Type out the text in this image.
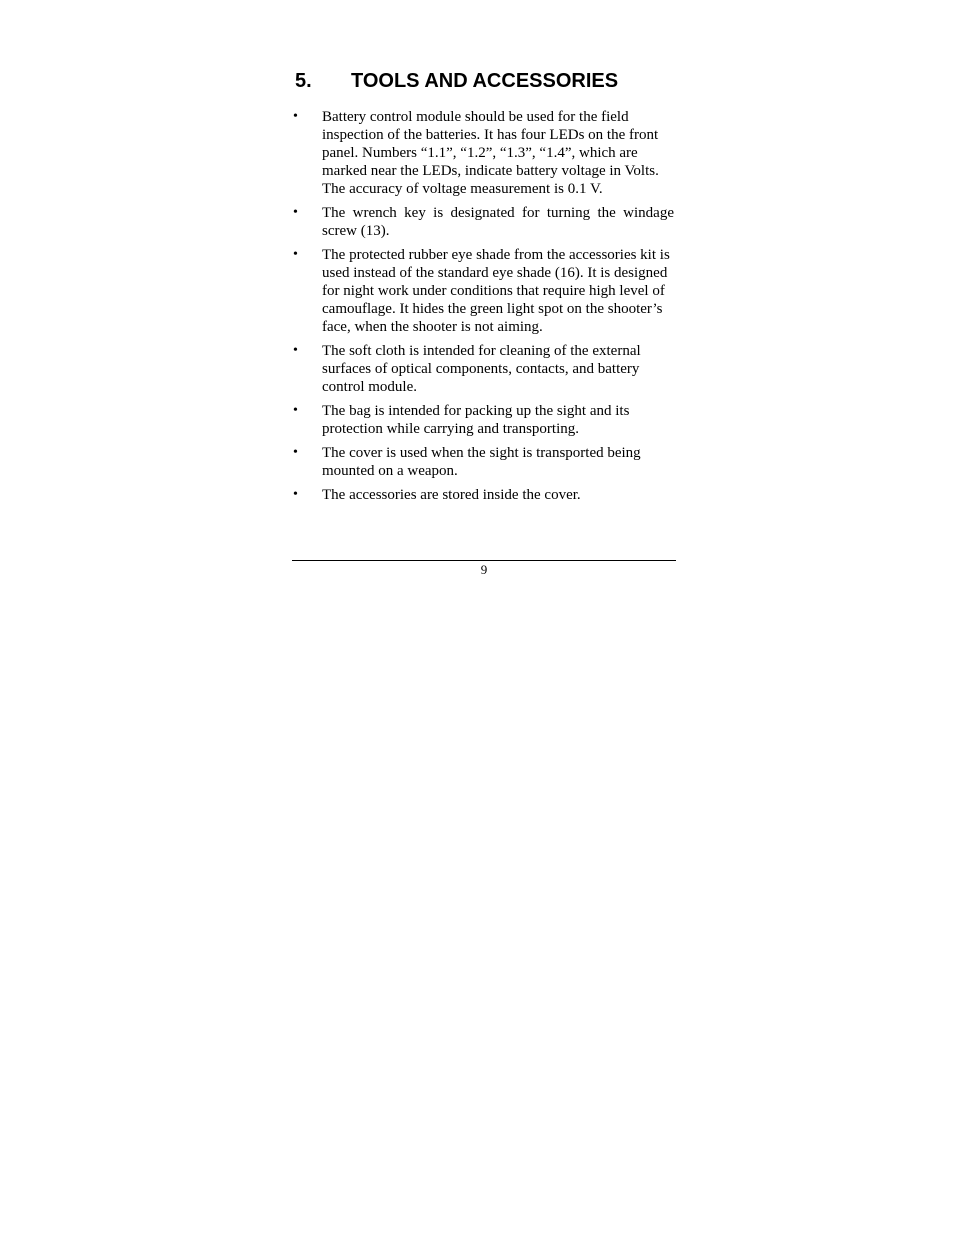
5. TOOLS AND ACCESSORIES
• Battery control module should be used for the field inspection of the batteries. It has four LEDs on the front panel. Numbers “1.1”, “1.2”, “1.3”, “1.4”, which are marked near the LEDs, indicate battery voltage in Volts. The accuracy of voltage measurement is 0.1 V.
• The wrench key is designated for turning the windage screw (13).
• The protected rubber eye shade from the accessories kit is used instead of the standard eye shade (16). It is designed for night work under conditions that require high level of camouflage. It hides the green light spot on the shooter’s face, when the shooter is not aiming.
• The soft cloth is intended for cleaning of the external surfaces of optical components, contacts, and battery control module.
• The bag is intended for packing up the sight and its protection while carrying and transporting.
• The cover is used when the sight is transported being mounted on a weapon.
• The accessories are stored inside the cover.
9
